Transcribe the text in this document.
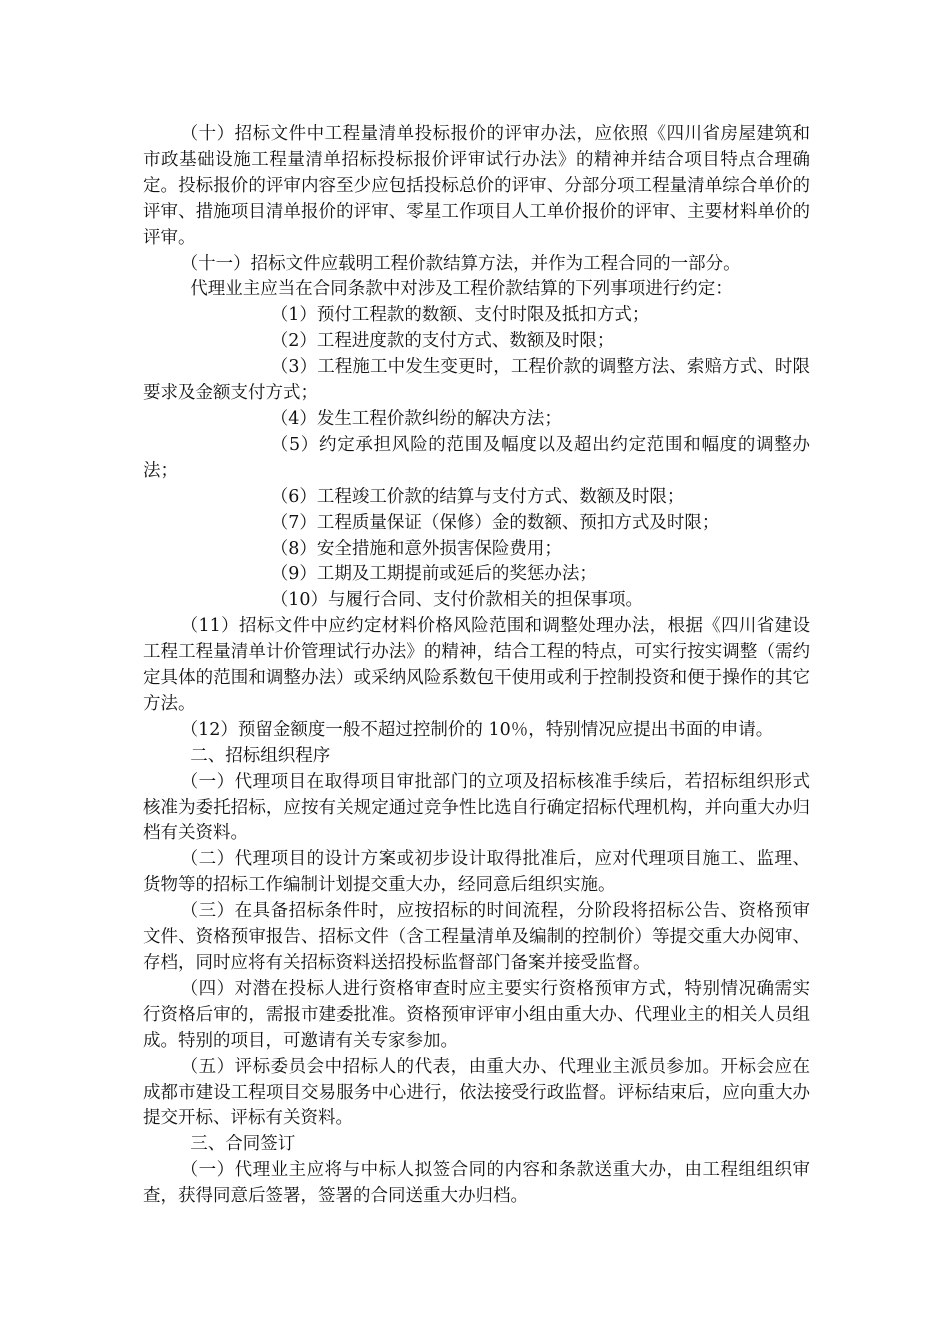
（十）招标文件中工程量清单投标报价的评审办法，应依照《四川省房屋建筑和市政基础设施工程量清单招标投标报价评审试行办法》的精神并结合项目特点合理确定。投标报价的评审内容至少应包括投标总价的评审、分部分项工程量清单综合单价的评审、措施项目清单报价的评审、零星工作项目人工单价报价的评审、主要材料单价的评审。

（十一）招标文件应载明工程价款结算方法，并作为工程合同的一部分。

代理业主应当在合同条款中对涉及工程价款结算的下列事项进行约定：

（1）预付工程款的数额、支付时限及抵扣方式；

（2）工程进度款的支付方式、数额及时限；

（3）工程施工中发生变更时，工程价款的调整方法、索赔方式、时限要求及金额支付方式；

（4）发生工程价款纠纷的解决方法；

（5）约定承担风险的范围及幅度以及超出约定范围和幅度的调整办法；

（6）工程竣工价款的结算与支付方式、数额及时限；

（7）工程质量保证（保修）金的数额、预扣方式及时限；

（8）安全措施和意外损害保险费用；

（9）工期及工期提前或延后的奖惩办法；

（10）与履行合同、支付价款相关的担保事项。

（11）招标文件中应约定材料价格风险范围和调整处理办法，根据《四川省建设工程工程量清单计价管理试行办法》的精神，结合工程的特点，可实行按实调整（需约定具体的范围和调整办法）或采纳风险系数包干使用或利于控制投资和便于操作的其它方法。

（12）预留金额度一般不超过控制价的 10％，特别情况应提出书面的申请。

二、招标组织程序

（一）代理项目在取得项目审批部门的立项及招标核准手续后，若招标组织形式核准为委托招标，应按有关规定通过竞争性比选自行确定招标代理机构，并向重大办归档有关资料。

（二）代理项目的设计方案或初步设计取得批准后，应对代理项目施工、监理、货物等的招标工作编制计划提交重大办，经同意后组织实施。

（三）在具备招标条件时，应按招标的时间流程，分阶段将招标公告、资格预审文件、资格预审报告、招标文件（含工程量清单及编制的控制价）等提交重大办阅审、存档，同时应将有关招标资料送招投标监督部门备案并接受监督。

（四）对潜在投标人进行资格审查时应主要实行资格预审方式，特别情况确需实行资格后审的，需报市建委批准。资格预审评审小组由重大办、代理业主的相关人员组成。特别的项目，可邀请有关专家参加。

（五）评标委员会中招标人的代表，由重大办、代理业主派员参加。开标会应在成都市建设工程项目交易服务中心进行，依法接受行政监督。评标结束后，应向重大办提交开标、评标有关资料。

三、合同签订

（一）代理业主应将与中标人拟签合同的内容和条款送重大办，由工程组组织审查，获得同意后签署，签署的合同送重大办归档。
